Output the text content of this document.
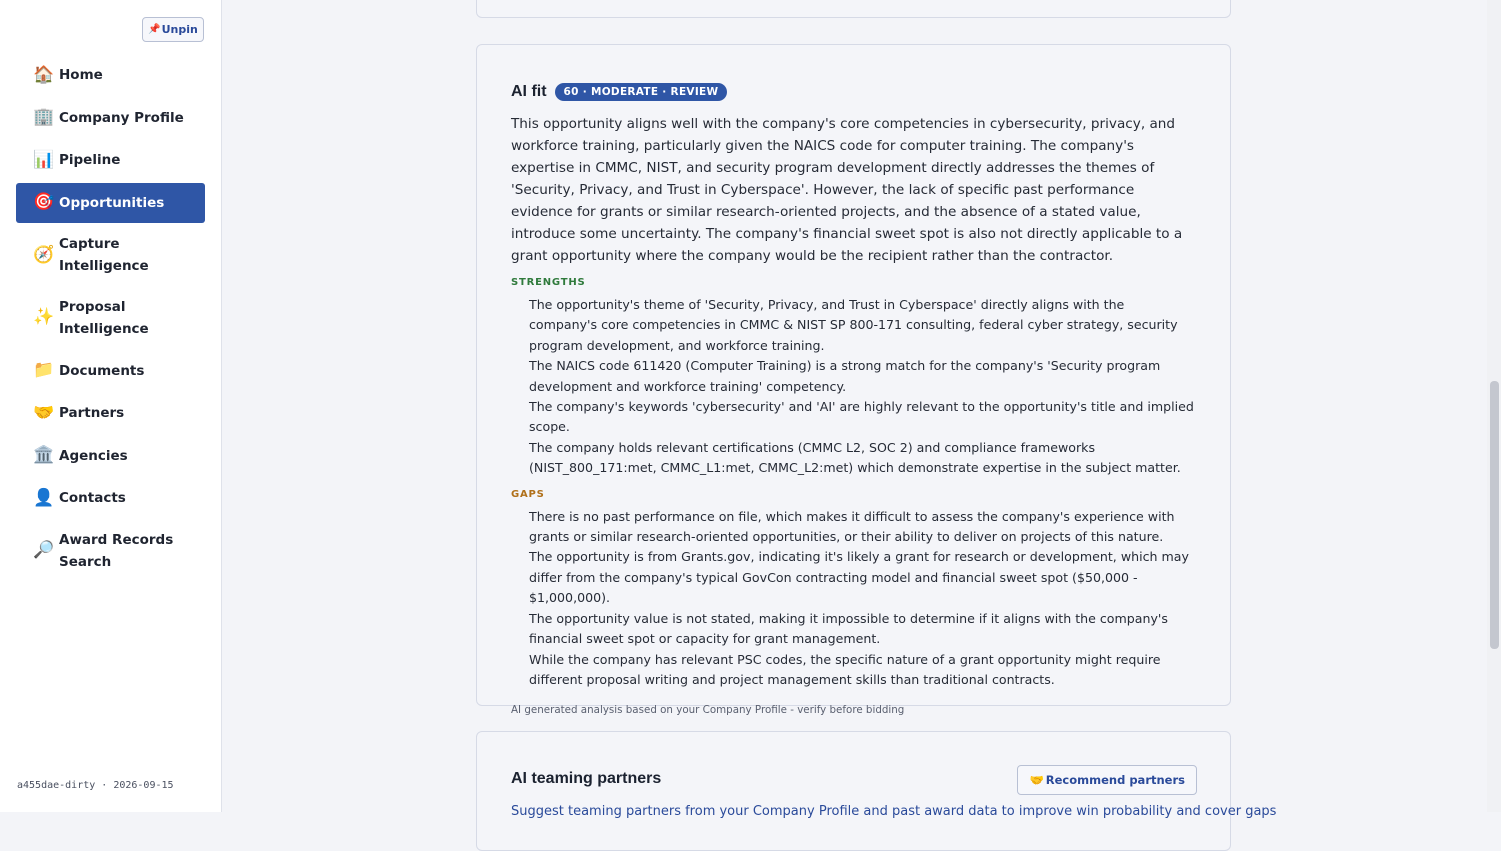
📌 Unpin
🏠 Home
🏢 Company Profile
📊 Pipeline
🎯 Opportunities
🧭
Capture Intelligence
✨
Proposal Intelligence
📁 Documents
🤝 Partners
🏛️ Agencies
👤 Contacts
🔎
Award Records Search
a455dae-dirty · 2026-09-15
AI fit	60 · MODERATE · REVIEW

This opportunity aligns well with the company's core competencies in cybersecurity, privacy, and workforce training, particularly given the NAICS code for computer training. The company's expertise in CMMC, NIST, and security program development directly addresses the themes of 'Security, Privacy, and Trust in Cyberspace'. However, the lack of specific past performance evidence for grants or similar research-oriented projects, and the absence of a stated value, introduce some uncertainty. The company's financial sweet spot is also not directly applicable to a grant opportunity where the company would be the recipient rather than the contractor.

STRENGTHS
The opportunity's theme of 'Security, Privacy, and Trust in Cyberspace' directly aligns with the company's core competencies in CMMC & NIST SP 800-171 consulting, federal cyber strategy, security program development, and workforce training.
The NAICS code 611420 (Computer Training) is a strong match for the company's 'Security program development and workforce training' competency.
The company's keywords 'cybersecurity' and 'AI' are highly relevant to the opportunity's title and implied scope.
The company holds relevant certifications (CMMC L2, SOC 2) and compliance frameworks (NIST_800_171:met, CMMC_L1:met, CMMC_L2:met) which demonstrate expertise in the subject matter.
GAPS
There is no past performance on file, which makes it difficult to assess the company's experience with grants or similar research-oriented opportunities, or their ability to deliver on projects of this nature.
The opportunity is from Grants.gov, indicating it's likely a grant for research or development, which may differ from the company's typical GovCon contracting model and financial sweet spot ($50,000 - $1,000,000).
The opportunity value is not stated, making it impossible to determine if it aligns with the company's financial sweet spot or capacity for grant management.
While the company has relevant PSC codes, the specific nature of a grant opportunity might require different proposal writing and project management skills than traditional contracts.
AI generated analysis based on your Company Profile - verify before bidding
AI teaming partners	🤝 Recommend partners
Suggest teaming partners from your Company Profile and past award data to improve win probability and cover gaps
